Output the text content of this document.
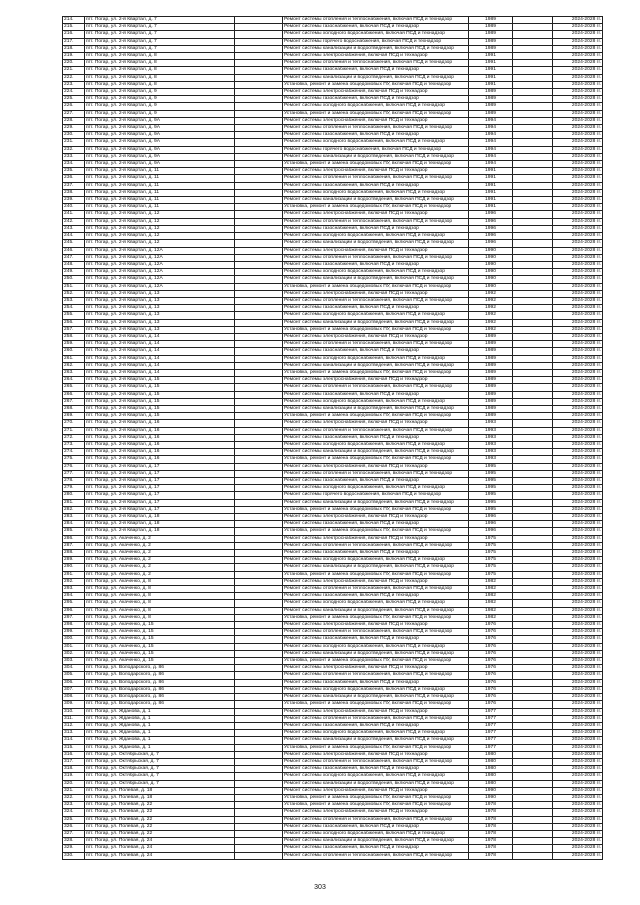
214.	пгт. Погар, ул. 2-й Квартал, д. 7		Ремонт системы отопления и теплоснабжения, включая ПСД и технадзор	1989		2024-2028 гг.
215.	пгт. Погар, ул. 2-й Квартал, д. 7		Ремонт системы газоснабжения, включая ПСД и технадзор	1989		2024-2028 гг.
216.	пгт. Погар, ул. 2-й Квартал, д. 7		Ремонт системы холодного водоснабжения, включая ПСД и технадзор	1989		2024-2028 гг.
217.	пгт. Погар, ул. 2-й Квартал, д. 7		Ремонт системы горячего водоснабжения, включая ПСД и технадзор	1989		2024-2028 гг.
218.	пгт. Погар, ул. 2-й Квартал, д. 7		Ремонт системы канализации и водоотведения, включая ПСД и технадзор	1989		2024-2028 гг.
219.	пгт. Погар, ул. 2-й Квартал, д. 8		Ремонт системы электроснабжения, включая ПСД и технадзор	1991		2024-2028 гг.
220.	пгт. Погар, ул. 2-й Квартал, д. 8		Ремонт системы отопления и теплоснабжения, включая ПСД и технадзор	1991		2024-2028 гг.
221.	пгт. Погар, ул. 2-й Квартал, д. 8		Ремонт системы газоснабжения, включая ПСД и технадзор	1991		2024-2028 гг.
222.	пгт. Погар, ул. 2-й Квартал, д. 8		Ремонт системы канализации и водоотведения, включая ПСД и технадзор	1991		2024-2028 гг.
223.	пгт. Погар, ул. 2-й Квартал, д. 8		Установка, ремонт и замена общедомовых ПУ, включая ПСД и технадзор	1991		2024-2028 гг.
224.	пгт. Погар, ул. 2-й Квартал, д. 9		Ремонт системы электроснабжения, включая ПСД и технадзор	1989		2024-2028 гг.
225.	пгт. Погар, ул. 2-й Квартал, д. 9		Ремонт системы газоснабжения, включая ПСД и технадзор	1989		2024-2028 гг.
226.	пгт. Погар, ул. 2-й Квартал, д. 9		Ремонт системы холодного водоснабжения, включая ПСД и технадзор	1989		2024-2028 гг.
227.	пгт. Погар, ул. 2-й Квартал, д. 9		Установка, ремонт и замена общедомовых ПУ, включая ПСД и технадзор	1989		2024-2028 гг.
228.	пгт. Погар, ул. 2-й Квартал, д. 9А		Ремонт системы электроснабжения, включая ПСД и технадзор	1994		2024-2028 гг.
229.	пгт. Погар, ул. 2-й Квартал, д. 9А		Ремонт системы отопления и теплоснабжения, включая ПСД и технадзор	1994		2024-2028 гг.
230.	пгт. Погар, ул. 2-й Квартал, д. 9А		Ремонт системы газоснабжения, включая ПСД и технадзор	1994		2024-2028 гг.
231.	пгт. Погар, ул. 2-й Квартал, д. 9А		Ремонт системы холодного водоснабжения, включая ПСД и технадзор	1994		2024-2028 гг.
232.	пгт. Погар, ул. 2-й Квартал, д. 9А		Ремонт системы горячего водоснабжения, включая ПСД и технадзор	1994		2024-2028 гг.
233.	пгт. Погар, ул. 2-й Квартал, д. 9А		Ремонт системы канализации и водоотведения, включая ПСД и технадзор	1994		2024-2028 гг.
234.	пгт. Погар, ул. 2-й Квартал, д. 9А		Установка, ремонт и замена общедомовых ПУ, включая ПСД и технадзор	1994		2024-2028 гг.
235.	пгт. Погар, ул. 2-й Квартал, д. 11		Ремонт системы электроснабжения, включая ПСД и технадзор	1991		2024-2028 гг.
236.	пгт. Погар, ул. 2-й Квартал, д. 11		Ремонт системы отопления и теплоснабжения, включая ПСД и технадзор	1991		2024-2028 гг.
237.	пгт. Погар, ул. 2-й Квартал, д. 11		Ремонт системы газоснабжения, включая ПСД и технадзор	1991		2024-2028 гг.
238.	пгт. Погар, ул. 2-й Квартал, д. 11		Ремонт системы холодного водоснабжения, включая ПСД и технадзор	1991		2024-2028 гг.
239.	пгт. Погар, ул. 2-й Квартал, д. 11		Ремонт системы канализации и водоотведения, включая ПСД и технадзор	1991		2024-2028 гг.
240.	пгт. Погар, ул. 2-й Квартал, д. 11		Установка, ремонт и замена общедомовых ПУ, включая ПСД и технадзор	1991		2024-2028 гг.
241.	пгт. Погар, ул. 2-й Квартал, д. 12		Ремонт системы электроснабжения, включая ПСД и технадзор	1996		2024-2028 гг.
242.	пгт. Погар, ул. 2-й Квартал, д. 12		Ремонт системы отопления и теплоснабжения, включая ПСД и технадзор	1996		2024-2028 гг.
243.	пгт. Погар, ул. 2-й Квартал, д. 12		Ремонт системы газоснабжения, включая ПСД и технадзор	1996		2024-2028 гг.
244.	пгт. Погар, ул. 2-й Квартал, д. 12		Ремонт системы холодного водоснабжения, включая ПСД и технадзор	1996		2024-2028 гг.
245.	пгт. Погар, ул. 2-й Квартал, д. 12		Ремонт системы канализации и водоотведения, включая ПСД и технадзор	1996		2024-2028 гг.
246.	пгт. Погар, ул. 2-й Квартал, д. 12А		Ремонт системы электроснабжения, включая ПСД и технадзор	1990		2024-2028 гг.
247.	пгт. Погар, ул. 2-й Квартал, д. 12А		Ремонт системы отопления и теплоснабжения, включая ПСД и технадзор	1990		2024-2028 гг.
248.	пгт. Погар, ул. 2-й Квартал, д. 12А		Ремонт системы газоснабжения, включая ПСД и технадзор	1990		2024-2028 гг.
249.	пгт. Погар, ул. 2-й Квартал, д. 12А		Ремонт системы холодного водоснабжения, включая ПСД и технадзор	1990		2024-2028 гг.
250.	пгт. Погар, ул. 2-й Квартал, д. 12А		Ремонт системы канализации и водоотведения, включая ПСД и технадзор	1990		2024-2028 гг.
251.	пгт. Погар, ул. 2-й Квартал, д. 12А		Установка, ремонт и замена общедомовых ПУ, включая ПСД и технадзор	1990		2024-2028 гг.
252.	пгт. Погар, ул. 2-й Квартал, д. 13		Ремонт системы электроснабжения, включая ПСД и технадзор	1992		2024-2028 гг.
253.	пгт. Погар, ул. 2-й Квартал, д. 13		Ремонт системы отопления и теплоснабжения, включая ПСД и технадзор	1992		2024-2028 гг.
254.	пгт. Погар, ул. 2-й Квартал, д. 13		Ремонт системы газоснабжения, включая ПСД и технадзор	1992		2024-2028 гг.
255.	пгт. Погар, ул. 2-й Квартал, д. 13		Ремонт системы холодного водоснабжения, включая ПСД и технадзор	1992		2024-2028 гг.
256.	пгт. Погар, ул. 2-й Квартал, д. 13		Ремонт системы канализации и водоотведения, включая ПСД и технадзор	1992		2024-2028 гг.
257.	пгт. Погар, ул. 2-й Квартал, д. 13		Установка, ремонт и замена общедомовых ПУ, включая ПСД и технадзор	1992		2024-2028 гг.
258.	пгт. Погар, ул. 2-й Квартал, д. 14		Ремонт системы электроснабжения, включая ПСД и технадзор	1989		2024-2028 гг.
259.	пгт. Погар, ул. 2-й Квартал, д. 14		Ремонт системы отопления и теплоснабжения, включая ПСД и технадзор	1989		2024-2028 гг.
260.	пгт. Погар, ул. 2-й Квартал, д. 14		Ремонт системы газоснабжения, включая ПСД и технадзор	1989		2024-2028 гг.
261.	пгт. Погар, ул. 2-й Квартал, д. 14		Ремонт системы холодного водоснабжения, включая ПСД и технадзор	1989		2024-2028 гг.
262.	пгт. Погар, ул. 2-й Квартал, д. 14		Ремонт системы канализации и водоотведения, включая ПСД и технадзор	1989		2024-2028 гг.
263.	пгт. Погар, ул. 2-й Квартал, д. 14		Установка, ремонт и замена общедомовых ПУ, включая ПСД и технадзор	1989		2024-2028 гг.
264.	пгт. Погар, ул. 2-й Квартал, д. 15		Ремонт системы электроснабжения, включая ПСД и технадзор	1989		2024-2028 гг.
265.	пгт. Погар, ул. 2-й Квартал, д. 15		Ремонт системы отопления и теплоснабжения, включая ПСД и технадзор	1989		2024-2028 гг.
266.	пгт. Погар, ул. 2-й Квартал, д. 15		Ремонт системы газоснабжения, включая ПСД и технадзор	1989		2024-2028 гг.
267.	пгт. Погар, ул. 2-й Квартал, д. 15		Ремонт системы холодного водоснабжения, включая ПСД и технадзор	1989		2024-2028 гг.
268.	пгт. Погар, ул. 2-й Квартал, д. 15		Ремонт системы канализации и водоотведения, включая ПСД и технадзор	1989		2024-2028 гг.
269.	пгт. Погар, ул. 2-й Квартал, д. 15		Установка, ремонт и замена общедомовых ПУ, включая ПСД и технадзор	1989		2024-2028 гг.
270.	пгт. Погар, ул. 2-й Квартал, д. 16		Ремонт системы электроснабжения, включая ПСД и технадзор	1993		2024-2028 гг.
271.	пгт. Погар, ул. 2-й Квартал, д. 16		Ремонт системы отопления и теплоснабжения, включая ПСД и технадзор	1993		2024-2028 гг.
272.	пгт. Погар, ул. 2-й Квартал, д. 16		Ремонт системы газоснабжения, включая ПСД и технадзор	1993		2024-2028 гг.
273.	пгт. Погар, ул. 2-й Квартал, д. 16		Ремонт системы холодного водоснабжения, включая ПСД и технадзор	1993		2024-2028 гг.
274.	пгт. Погар, ул. 2-й Квартал, д. 16		Ремонт системы канализации и водоотведения, включая ПСД и технадзор	1993		2024-2028 гг.
275.	пгт. Погар, ул. 2-й Квартал, д. 16		Установка, ремонт и замена общедомовых ПУ, включая ПСД и технадзор	1993		2024-2028 гг.
276.	пгт. Погар, ул. 2-й Квартал, д. 17		Ремонт системы электроснабжения, включая ПСД и технадзор	1995		2024-2028 гг.
277.	пгт. Погар, ул. 2-й Квартал, д. 17		Ремонт системы отопления и теплоснабжения, включая ПСД и технадзор	1995		2024-2028 гг.
278.	пгт. Погар, ул. 2-й Квартал, д. 17		Ремонт системы газоснабжения, включая ПСД и технадзор	1995		2024-2028 гг.
279.	пгт. Погар, ул. 2-й Квартал, д. 17		Ремонт системы холодного водоснабжения, включая ПСД и технадзор	1995		2024-2028 гг.
280.	пгт. Погар, ул. 2-й Квартал, д. 17		Ремонт системы горячего водоснабжения, включая ПСД и технадзор	1995		2024-2028 гг.
281.	пгт. Погар, ул. 2-й Квартал, д. 17		Ремонт системы канализации и водоотведения, включая ПСД и технадзор	1995		2024-2028 гг.
282.	пгт. Погар, ул. 2-й Квартал, д. 17		Установка, ремонт и замена общедомовых ПУ, включая ПСД и технадзор	1995		2024-2028 гг.
283.	пгт. Погар, ул. 2-й Квартал, д. 18		Ремонт системы электроснабжения, включая ПСД и технадзор	1996		2024-2028 гг.
284.	пгт. Погар, ул. 2-й Квартал, д. 18		Ремонт системы газоснабжения, включая ПСД и технадзор	1996		2024-2028 гг.
285.	пгт. Погар, ул. 2-й Квартал, д. 18		Установка, ремонт и замена общедомовых ПУ, включая ПСД и технадзор	1996		2024-2028 гг.
286.	пгт. Погар, ул. Акаченко, д. 2		Ремонт системы электроснабжения, включая ПСД и технадзор	1975		2024-2028 гг.
287.	пгт. Погар, ул. Акаченко, д. 2		Ремонт системы отопления и теплоснабжения, включая ПСД и технадзор	1975		2024-2028 гг.
288.	пгт. Погар, ул. Акаченко, д. 2		Ремонт системы газоснабжения, включая ПСД и технадзор	1975		2024-2028 гг.
289.	пгт. Погар, ул. Акаченко, д. 2		Ремонт системы холодного водоснабжения, включая ПСД и технадзор	1975		2024-2028 гг.
290.	пгт. Погар, ул. Акаченко, д. 2		Ремонт системы канализации и водоотведения, включая ПСД и технадзор	1975		2024-2028 гг.
291.	пгт. Погар, ул. Акаченко, д. 2		Установка, ремонт и замена общедомовых ПУ, включая ПСД и технадзор	1975		2024-2028 гг.
292.	пгт. Погар, ул. Акаченко, д. 8		Ремонт системы электроснабжения, включая ПСД и технадзор	1982		2024-2028 гг.
293.	пгт. Погар, ул. Акаченко, д. 8		Ремонт системы отопления и теплоснабжения, включая ПСД и технадзор	1982		2024-2028 гг.
294.	пгт. Погар, ул. Акаченко, д. 8		Ремонт системы газоснабжения, включая ПСД и технадзор	1982		2024-2028 гг.
295.	пгт. Погар, ул. Акаченко, д. 8		Ремонт системы холодного водоснабжения, включая ПСД и технадзор	1982		2024-2028 гг.
296.	пгт. Погар, ул. Акаченко, д. 8		Ремонт системы канализации и водоотведения, включая ПСД и технадзор	1982		2024-2028 гг.
297.	пгт. Погар, ул. Акаченко, д. 8		Установка, ремонт и замена общедомовых ПУ, включая ПСД и технадзор	1982		2024-2028 гг.
298.	пгт. Погар, ул. Акаченко, д. 15		Ремонт системы электроснабжения, включая ПСД и технадзор	1976		2024-2028 гг.
299.	пгт. Погар, ул. Акаченко, д. 15		Ремонт системы отопления и теплоснабжения, включая ПСД и технадзор	1976		2024-2028 гг.
300.	пгт. Погар, ул. Акаченко, д. 15		Ремонт системы газоснабжения, включая ПСД и технадзор	1976		2024-2028 гг.
301.	пгт. Погар, ул. Акаченко, д. 15		Ремонт системы холодного водоснабжения, включая ПСД и технадзор	1976		2024-2028 гг.
302.	пгт. Погар, ул. Акаченко, д. 15		Ремонт системы канализации и водоотведения, включая ПСД и технадзор	1976		2024-2028 гг.
303.	пгт. Погар, ул. Акаченко, д. 15		Установка, ремонт и замена общедомовых ПУ, включая ПСД и технадзор	1976		2024-2028 гг.
304.	пгт. Погар, ул. Володарского, д. 86		Ремонт системы электроснабжения, включая ПСД и технадзор	1976		2024-2028 гг.
305.	пгт. Погар, ул. Володарского, д. 86		Ремонт системы отопления и теплоснабжения, включая ПСД и технадзор	1976		2024-2028 гг.
306.	пгт. Погар, ул. Володарского, д. 86		Ремонт системы газоснабжения, включая ПСД и технадзор	1976		2024-2028 гг.
307.	пгт. Погар, ул. Володарского, д. 86		Ремонт системы холодного водоснабжения, включая ПСД и технадзор	1976		2024-2028 гг.
308.	пгт. Погар, ул. Володарского, д. 86		Ремонт системы канализации и водоотведения, включая ПСД и технадзор	1976		2024-2028 гг.
309.	пгт. Погар, ул. Володарского, д. 86		Установка, ремонт и замена общедомовых ПУ, включая ПСД и технадзор	1976		2024-2028 гг.
310.	пгт. Погар, ул. Жданова, д. 1		Ремонт системы электроснабжения, включая ПСД и технадзор	1977		2024-2028 гг.
311.	пгт. Погар, ул. Жданова, д. 1		Ремонт системы отопления и теплоснабжения, включая ПСД и технадзор	1977		2024-2028 гг.
312.	пгт. Погар, ул. Жданова, д. 1		Ремонт системы газоснабжения, включая ПСД и технадзор	1977		2024-2028 гг.
313.	пгт. Погар, ул. Жданова, д. 1		Ремонт системы холодного водоснабжения, включая ПСД и технадзор	1977		2024-2028 гг.
314.	пгт. Погар, ул. Жданова, д. 1		Ремонт системы канализации и водоотведения, включая ПСД и технадзор	1977		2024-2028 гг.
315.	пгт. Погар, ул. Жданова, д. 1		Установка, ремонт и замена общедомовых ПУ, включая ПСД и технадзор	1977		2024-2028 гг.
316.	пгт. Погар, ул. Октябрьская, д. 7		Ремонт системы электроснабжения, включая ПСД и технадзор	1980		2024-2028 гг.
317.	пгт. Погар, ул. Октябрьская, д. 7		Ремонт системы отопления и теплоснабжения, включая ПСД и технадзор	1980		2024-2028 гг.
318.	пгт. Погар, ул. Октябрьская, д. 7		Ремонт системы газоснабжения, включая ПСД и технадзор	1980		2024-2028 гг.
319.	пгт. Погар, ул. Октябрьская, д. 7		Ремонт системы холодного водоснабжения, включая ПСД и технадзор	1980		2024-2028 гг.
320.	пгт. Погар, ул. Октябрьская, д. 7		Ремонт системы канализации и водоотведения, включая ПСД и технадзор	1980		2024-2028 гг.
321.	пгт. Погар, ул. Полевая, д. 18		Ремонт системы электроснабжения, включая ПСД и технадзор	1990		2024-2028 гг.
322.	пгт. Погар, ул. Полевая, д. 18		Установка, ремонт и замена общедомовых ПУ, включая ПСД и технадзор	1990		2024-2028 гг.
323.	пгт. Погар, ул. Полевая, д. 22		Установка, ремонт и замена общедомовых ПУ, включая ПСД и технадзор	1978		2024-2028 гг.
324.	пгт. Погар, ул. Полевая, д. 22		Ремонт системы электроснабжения, включая ПСД и технадзор	1978		2024-2028 гг.
325.	пгт. Погар, ул. Полевая, д. 22		Ремонт системы отопления и теплоснабжения, включая ПСД и технадзор	1978		2024-2028 гг.
326.	пгт. Погар, ул. Полевая, д. 22		Ремонт системы газоснабжения, включая ПСД и технадзор	1978		2024-2028 гг.
327.	пгт. Погар, ул. Полевая, д. 22		Ремонт системы холодного водоснабжения, включая ПСД и технадзор	1978		2024-2028 гг.
328.	пгт. Погар, ул. Полевая, д. 24		Ремонт системы канализации и водоотведения, включая ПСД и технадзор	1978		2024-2028 гг.
329.	пгт. Погар, ул. Полевая, д. 24		Ремонт системы газоснабжения, включая ПСД и технадзор	1978		2024-2028 гг.
330.	пгт. Погар, ул. Полевая, д. 24		Ремонт системы отопления и теплоснабжения, включая ПСД и технадзор	1978		2024-2028 гг.
303
